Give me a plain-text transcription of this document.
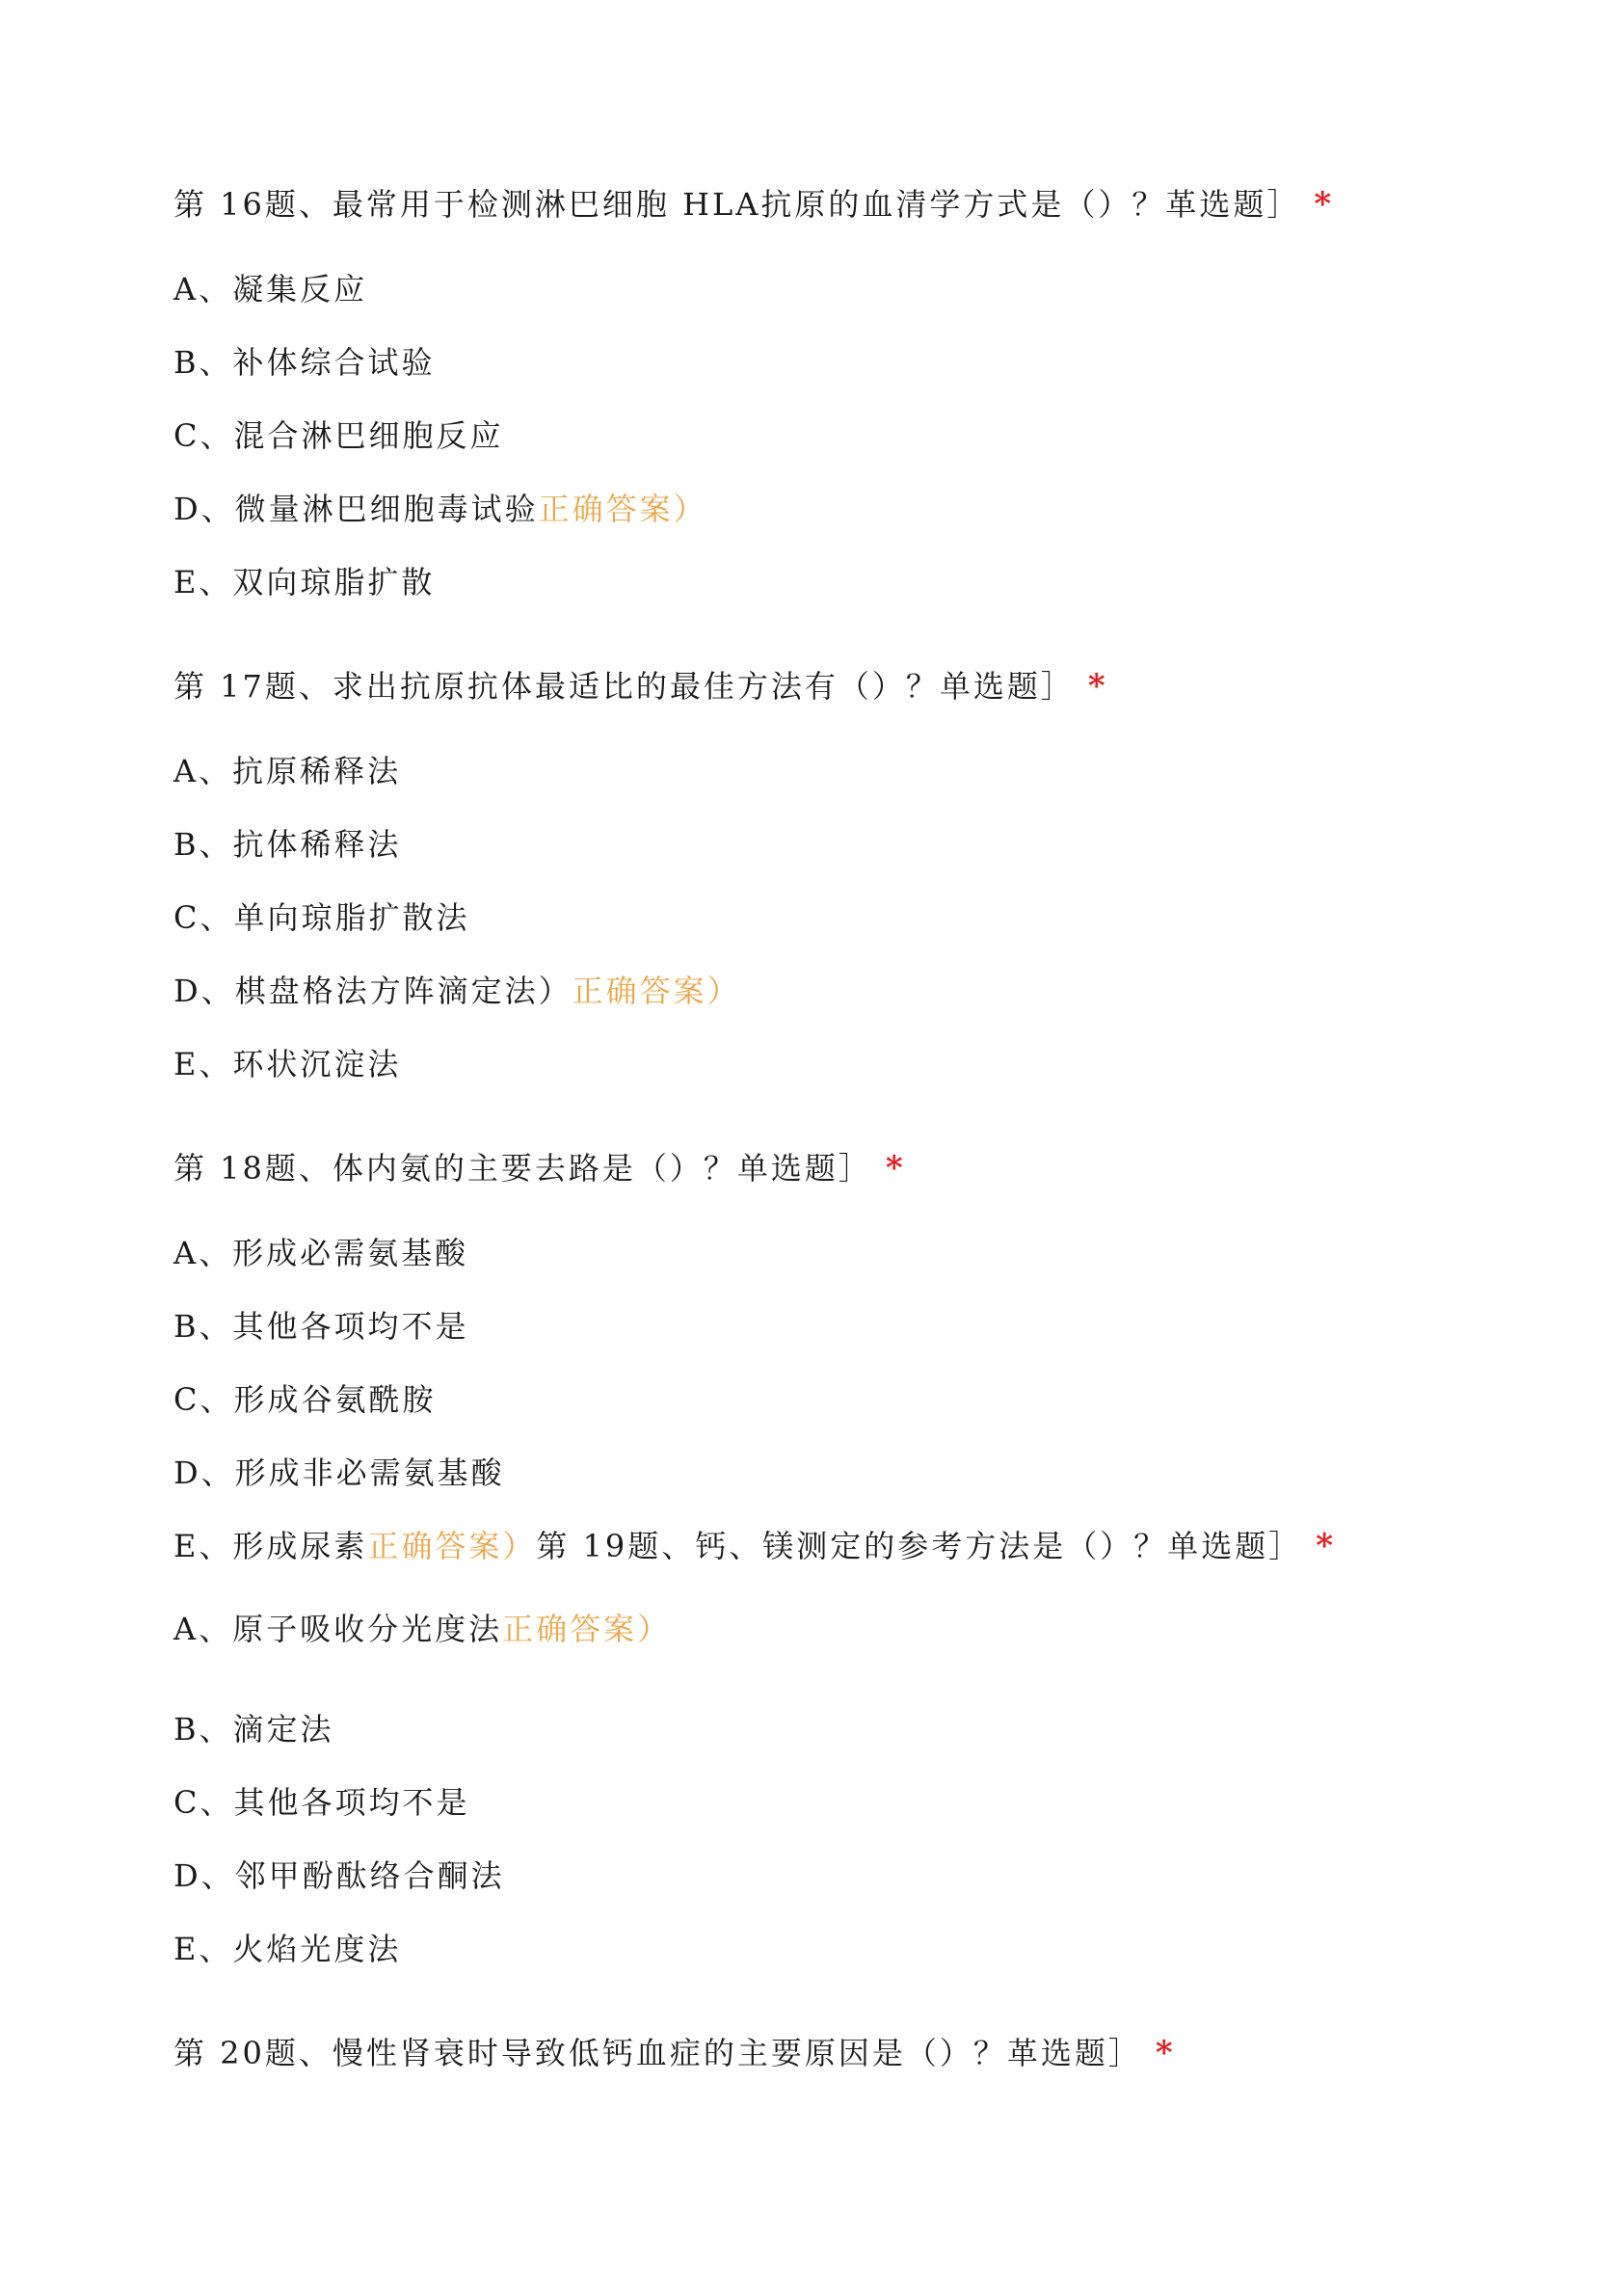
第 16题、最常用于检测淋巴细胞 HLA抗原的血清学方式是（）？革选题］ *
A、凝集反应
B、补体综合试验
C、混合淋巴细胞反应
D、微量淋巴细胞毒试验正确答案）
E、双向琼脂扩散
第 17题、求出抗原抗体最适比的最佳方法有（）？单选题］ *
A、抗原稀释法
B、抗体稀释法
C、单向琼脂扩散法
D、棋盘格法方阵滴定法）正确答案）
E、环状沉淀法
第 18题、体内氨的主要去路是（）？单选题］ *
A、形成必需氨基酸
B、其他各项均不是
C、形成谷氨酰胺
D、形成非必需氨基酸
E、形成尿素正确答案）第 19题、钙、镁测定的参考方法是（）？单选题］ *
A、原子吸收分光度法正确答案）
B、滴定法
C、其他各项均不是
D、邻甲酚酞络合酮法
E、火焰光度法
第 20题、慢性肾衰时导致低钙血症的主要原因是（）？革选题］ *
